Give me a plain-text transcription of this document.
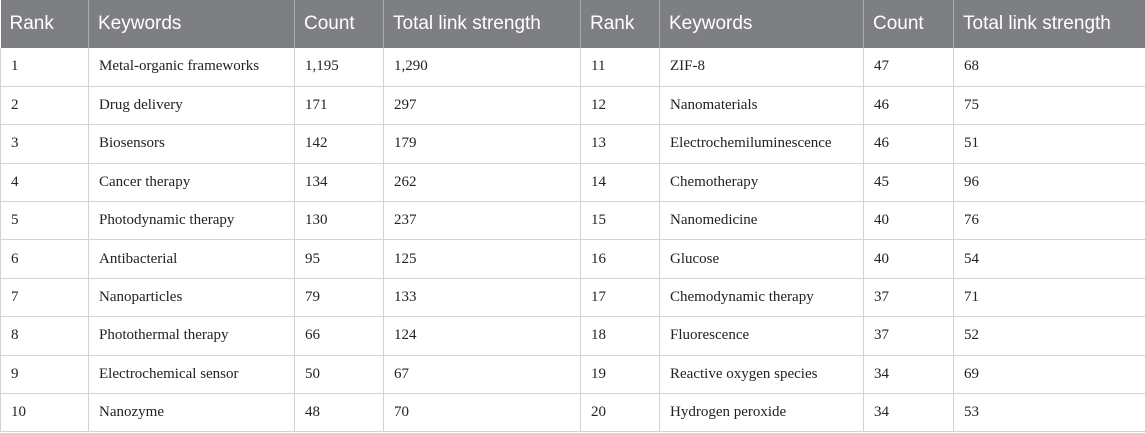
Rank	Keywords	Count	Total link strength	Rank	Keywords	Count	Total link strength
1	Metal-organic frameworks	1,195	1,290	11	ZIF-8	47	68
2	Drug delivery	171	297	12	Nanomaterials	46	75
3	Biosensors	142	179	13	Electrochemiluminescence	46	51
4	Cancer therapy	134	262	14	Chemotherapy	45	96
5	Photodynamic therapy	130	237	15	Nanomedicine	40	76
6	Antibacterial	95	125	16	Glucose	40	54
7	Nanoparticles	79	133	17	Chemodynamic therapy	37	71
8	Photothermal therapy	66	124	18	Fluorescence	37	52
9	Electrochemical sensor	50	67	19	Reactive oxygen species	34	69
10	Nanozyme	48	70	20	Hydrogen peroxide	34	53
